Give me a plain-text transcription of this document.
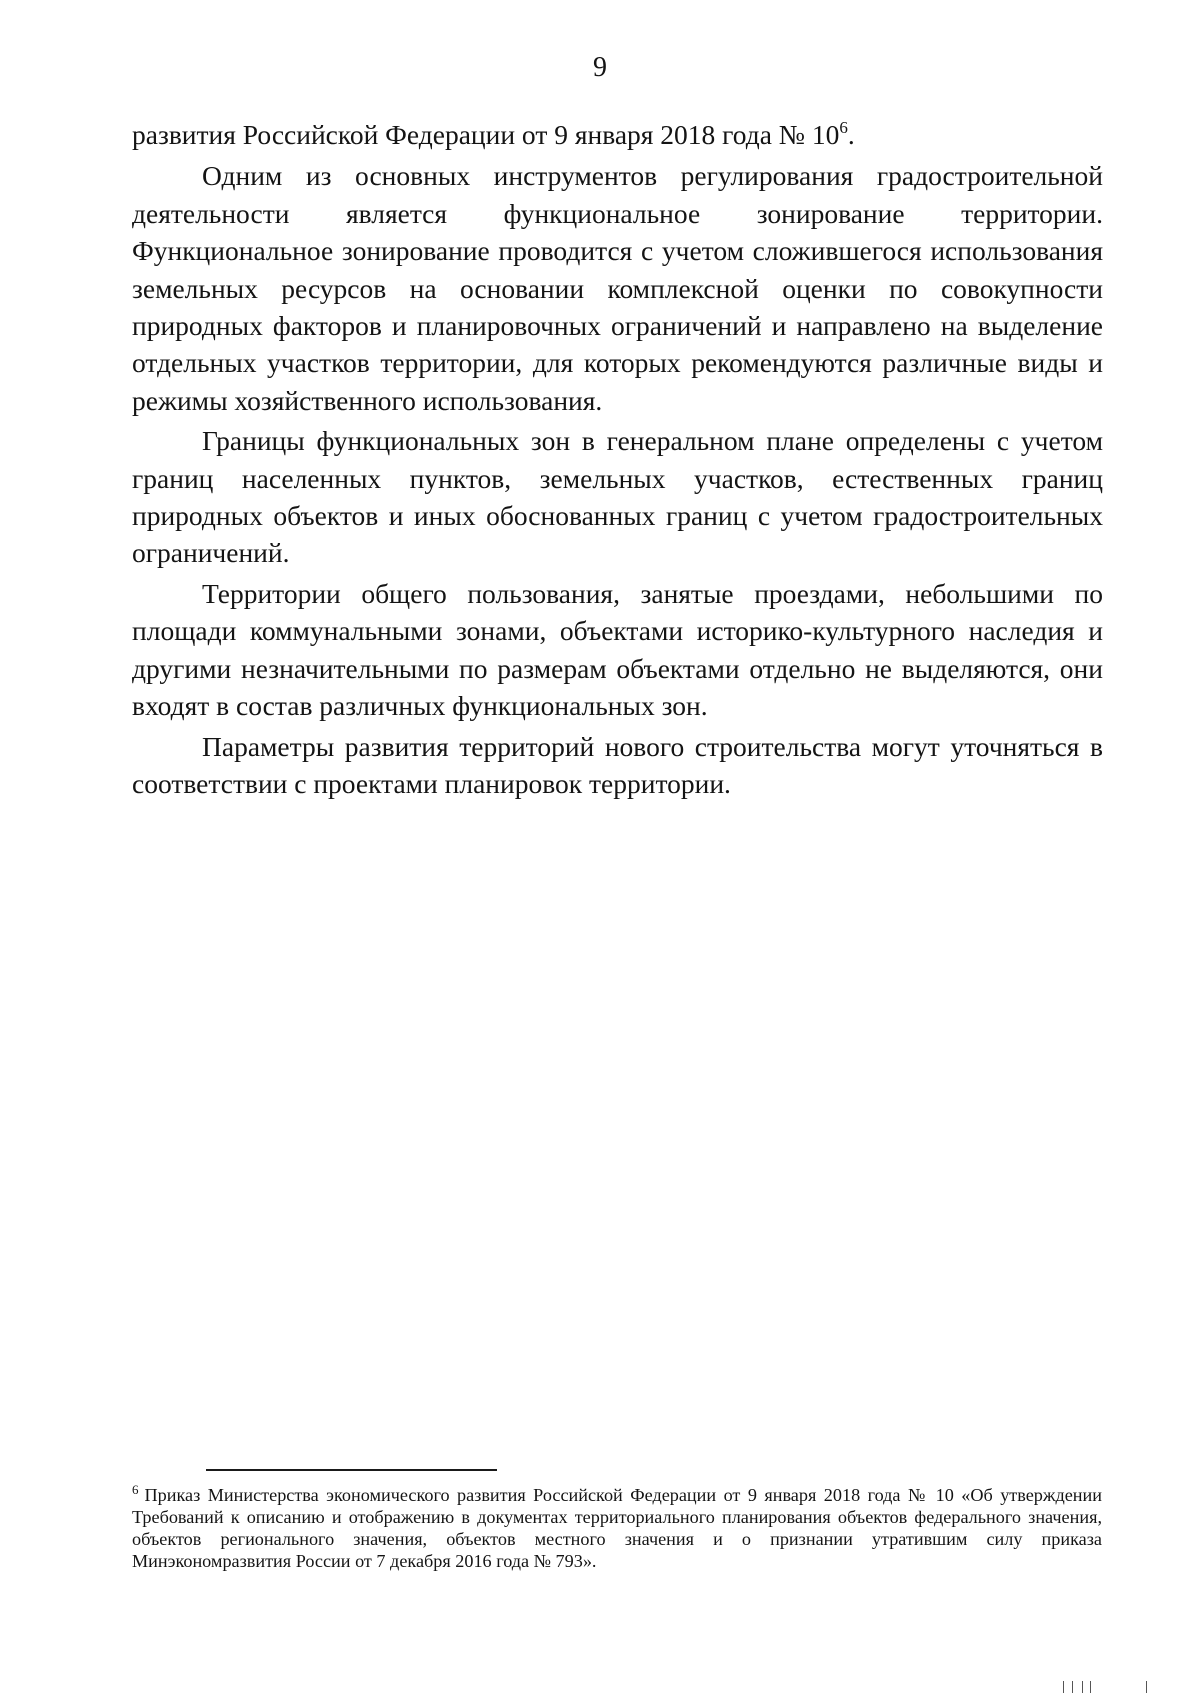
9

развития Российской Федерации от 9 января 2018 года № 10$^6$.

Одним из основных инструментов регулирования градостроительной деятельности является функциональное зонирование территории. Функциональное зонирование проводится с учетом сложившегося использования земельных ресурсов на основании комплексной оценки по совокупности природных факторов и планировочных ограничений и направлено на выделение отдельных участков территории, для которых рекомендуются различные виды и режимы хозяйственного использования.

Границы функциональных зон в генеральном плане определены с учетом границ населенных пунктов, земельных участков, естественных границ природных объектов и иных обоснованных границ с учетом градостроительных ограничений.

Территории общего пользования, занятые проездами, небольшими по площади коммунальными зонами, объектами историко-культурного наследия и другими незначительными по размерам объектами отдельно не выделяются, они входят в состав различных функциональных зон.

Параметры развития территорий нового строительства могут уточняться в соответствии с проектами планировок территории.

$^6$ Приказ Министерства экономического развития Российской Федерации от 9 января 2018 года № 10 «Об утверждении Требований к описанию и отображению в документах территориального планирования объектов федерального значения, объектов регионального значения, объектов местного значения и о признании утратившим силу приказа Минэкономразвития России от 7 декабря 2016 года № 793».
